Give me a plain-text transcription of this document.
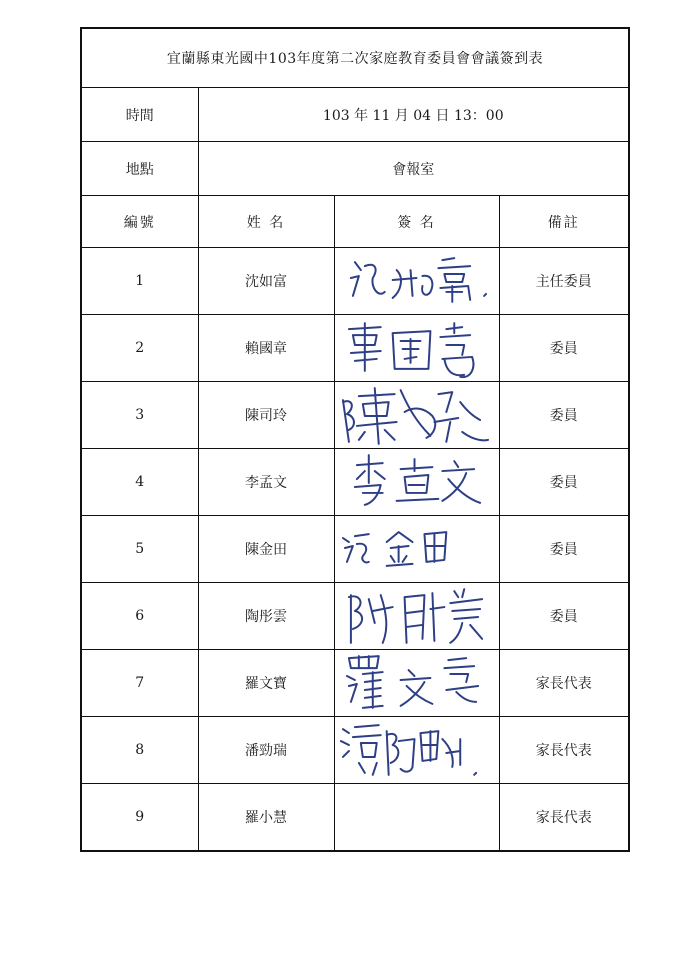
宜蘭縣東光國中103年度第二次家庭教育委員會會議簽到表			
時間	103 年 11 月 04 日 13：00		
地點	會報室		
編號	姓 名	簽 名	備註
1	沈如富		主任委員
2	賴國章		委員
3	陳司玲		委員
4	李孟文		委員
5	陳金田		委員
6	陶彤雲		委員
7	羅文寶		家長代表
8	潘勁瑞		家長代表
9	羅小慧		家長代表
